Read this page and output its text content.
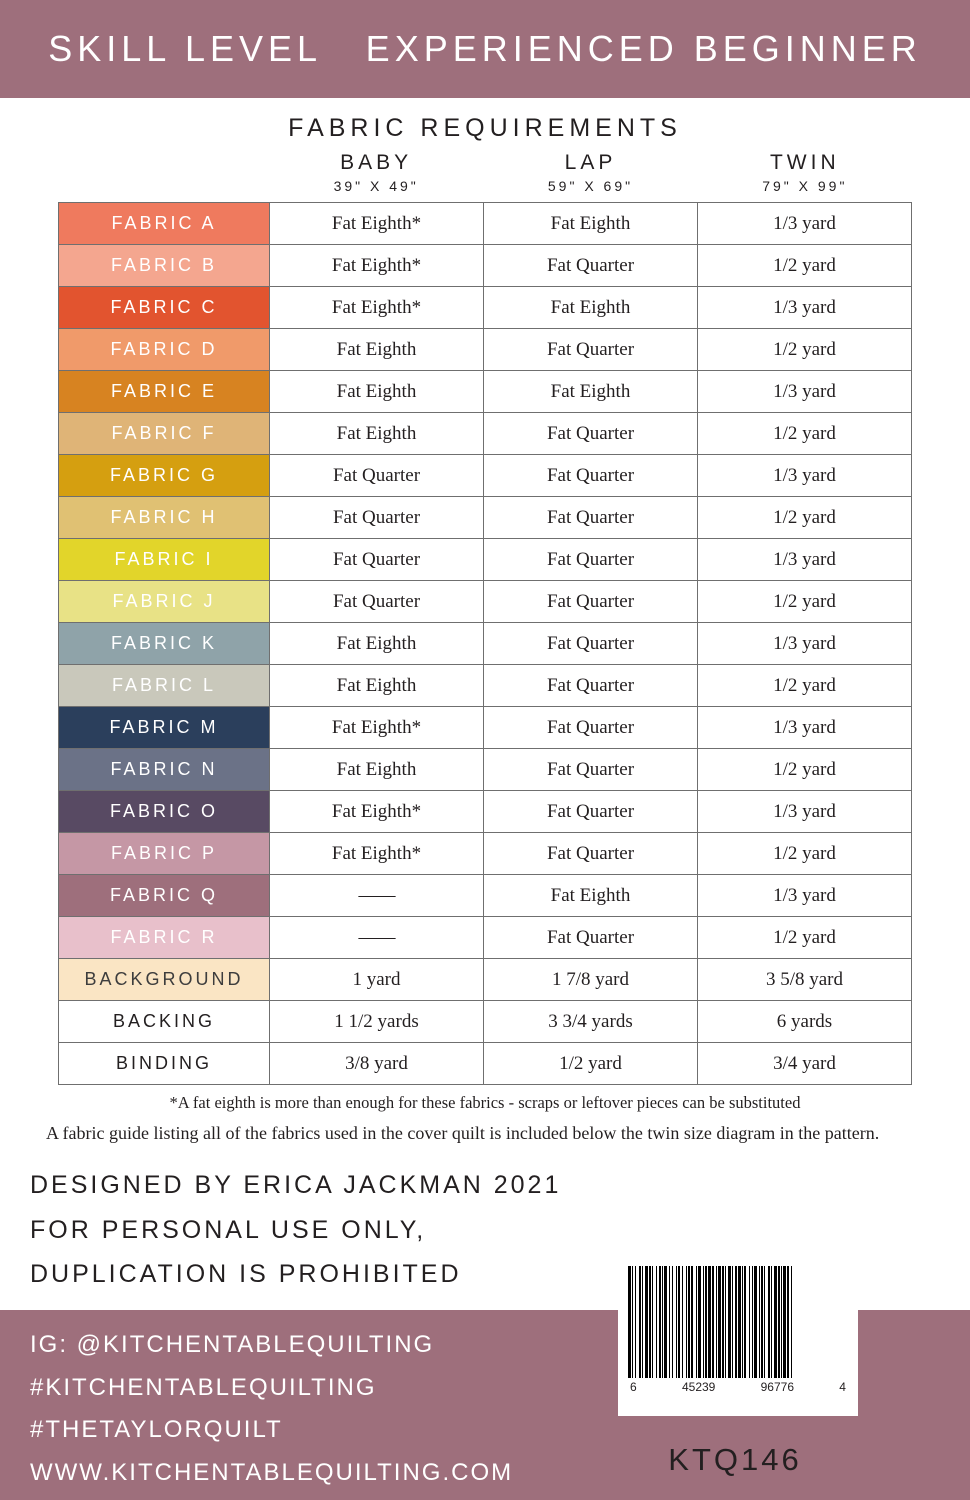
SKILL LEVEL   EXPERIENCED BEGINNER
FABRIC REQUIREMENTS
BABY
39" X 49"
LAP
59" X 69"
TWIN
79" X 99"
FABRIC A	Fat Eighth*	Fat Eighth	1/3 yard
FABRIC B	Fat Eighth*	Fat Quarter	1/2 yard
FABRIC C	Fat Eighth*	Fat Eighth	1/3 yard
FABRIC D	Fat Eighth	Fat Quarter	1/2 yard
FABRIC E	Fat Eighth	Fat Eighth	1/3 yard
FABRIC F	Fat Eighth	Fat Quarter	1/2 yard
FABRIC G	Fat Quarter	Fat Quarter	1/3 yard
FABRIC H	Fat Quarter	Fat Quarter	1/2 yard
FABRIC I	Fat Quarter	Fat Quarter	1/3 yard
FABRIC J	Fat Quarter	Fat Quarter	1/2 yard
FABRIC K	Fat Eighth	Fat Quarter	1/3 yard
FABRIC L	Fat Eighth	Fat Quarter	1/2 yard
FABRIC M	Fat Eighth*	Fat Quarter	1/3 yard
FABRIC N	Fat Eighth	Fat Quarter	1/2 yard
FABRIC O	Fat Eighth*	Fat Quarter	1/3 yard
FABRIC P	Fat Eighth*	Fat Quarter	1/2 yard
FABRIC Q	——	Fat Eighth	1/3 yard
FABRIC R	——	Fat Quarter	1/2 yard
BACKGROUND	1 yard	1 7/8 yard	3 5/8 yard
BACKING	1 1/2 yards	3 3/4 yards	6 yards
BINDING	3/8 yard	1/2 yard	3/4 yard
*A fat eighth is more than enough for these fabrics - scraps or leftover pieces can be substituted
A fabric guide listing all of the fabrics used in the cover quilt is included below the twin size diagram in the pattern.
DESIGNED BY ERICA JACKMAN 2021
FOR PERSONAL USE ONLY,
DUPLICATION IS PROHIBITED
IG: @KITCHENTABLEQUILTING
#KITCHENTABLEQUILTING
#THETAYLORQUILT
WWW.KITCHENTABLEQUILTING.COM
6	45239	96776	4
KTQ146
